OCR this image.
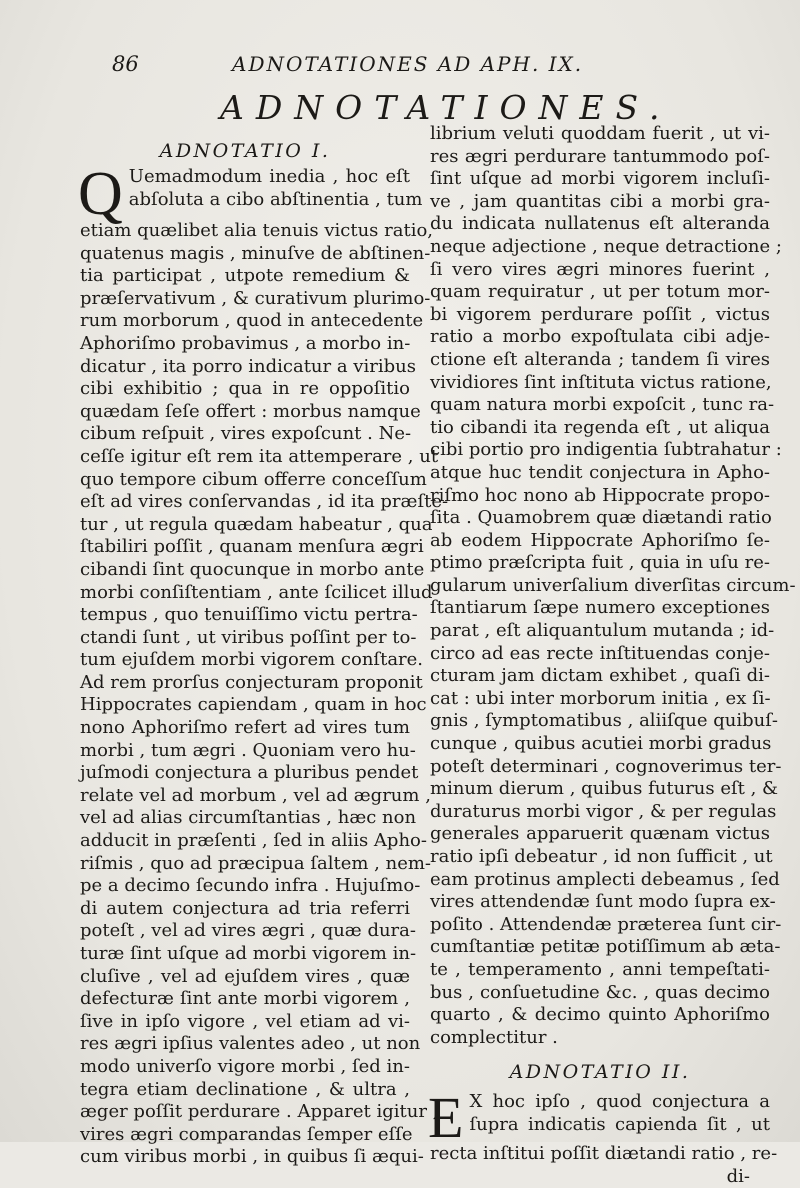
86	ADNOTATIONES AD APH. IX.
ADNOTATIONES.
ADNOTATIO I.
Q Uemadmodum inedia , hoc eſt
abſoluta a cibo abſtinentia , tum
etiam quælibet alia tenuis victus ratio,
quatenus magis , minuſve de abſtinen-
tia participat , utpote remedium &
præſervativum , & curativum plurimo-
rum morborum , quod in antecedente
Aphoriſmo probavimus , a morbo in-
dicatur , ita porro indicatur a viribus
cibi exhibitio ; qua in re oppoſitio
quædam ſeſe offert : morbus namque
cibum reſpuit , vires expoſcunt . Ne-
ceſſe igitur eſt rem ita attemperare , ut
quo tempore cibum offerre conceſſum
eſt ad vires conſervandas , id ita præſte-
tur , ut regula quædam habeatur , qua
ſtabiliri poſſit , quanam menſura ægri
cibandi ſint quocunque in morbo ante
morbi conſiſtentiam , ante ſcilicet illud
tempus , quo tenuiſſimo victu pertra-
ctandi ſunt , ut viribus poſſint per to-
tum ejuſdem morbi vigorem conſtare.
Ad rem prorſus conjecturam proponit
Hippocrates capiendam , quam in hoc
nono Aphoriſmo refert ad vires tum
morbi , tum ægri . Quoniam vero hu-
juſmodi conjectura a pluribus pendet
relate vel ad morbum , vel ad ægrum ,
vel ad alias circumſtantias , hæc non
adducit in præſenti , ſed in aliis Apho-
riſmis , quo ad præcipua ſaltem , nem-
pe a decimo ſecundo infra . Hujuſmo-
di autem conjectura ad tria referri
poteſt , vel ad vires ægri , quæ dura-
turæ ſint uſque ad morbi vigorem in-
cluſive , vel ad ejuſdem vires , quæ
defecturæ ſint ante morbi vigorem ,
ſive in ipſo vigore , vel etiam ad vi-
res ægri ipſius valentes adeo , ut non
modo univerſo vigore morbi , ſed in-
tegra etiam declinatione , & ultra ,
æger poſſit perdurare . Apparet igitur ,
vires ægri comparandas ſemper eſſe
cum viribus morbi , in quibus ſi æqui-
librium veluti quoddam fuerit , ut vi-
res ægri perdurare tantummodo poſ-
ſint uſque ad morbi vigorem incluſi-
ve , jam quantitas cibi a morbi gra-
du indicata nullatenus eſt alteranda
neque adjectione , neque detractione ;
ſi vero vires ægri minores fuerint ,
quam requiratur , ut per totum mor-
bi vigorem perdurare poſſit , victus
ratio a morbo expoſtulata cibi adje-
ctione eſt alteranda ; tandem ſi vires
vividiores ſint inſtituta victus ratione,
quam natura morbi expoſcit , tunc ra-
tio cibandi ita regenda eſt , ut aliqua
cibi portio pro indigentia ſubtrahatur :
atque huc tendit conjectura in Apho-
riſmo hoc nono ab Hippocrate propo-
ſita . Quamobrem quæ diætandi ratio
ab eodem Hippocrate Aphoriſmo ſe-
ptimo præſcripta fuit , quia in uſu re-
gularum univerſalium diverſitas circum-
ſtantiarum ſæpe numero exceptiones
parat , eſt aliquantulum mutanda ; id-
circo ad eas recte inſtituendas conje-
cturam jam dictam exhibet , quaſi di-
cat : ubi inter morborum initia , ex ſi-
gnis , ſymptomatibus , aliiſque quibuſ-
cunque , quibus acutiei morbi gradus
poteſt determinari , cognoverimus ter-
minum dierum , quibus futurus eſt , &
duraturus morbi vigor , & per regulas
generales apparuerit quænam victus
ratio ipſi debeatur , id non ſufficit , ut
eam protinus amplecti debeamus , ſed
vires attendendæ ſunt modo ſupra ex-
poſito . Attendendæ præterea ſunt cir-
cumſtantiæ petitæ potiſſimum ab æta-
te , temperamento , anni tempeſtati-
bus , conſuetudine &c. , quas decimo
quarto , & decimo quinto Aphoriſmo
complectitur .
ADNOTATIO II.
E X hoc ipſo , quod conjectura a
ſupra indicatis capienda ſit , ut
recta inſtitui poſſit diætandi ratio , re-
di-
